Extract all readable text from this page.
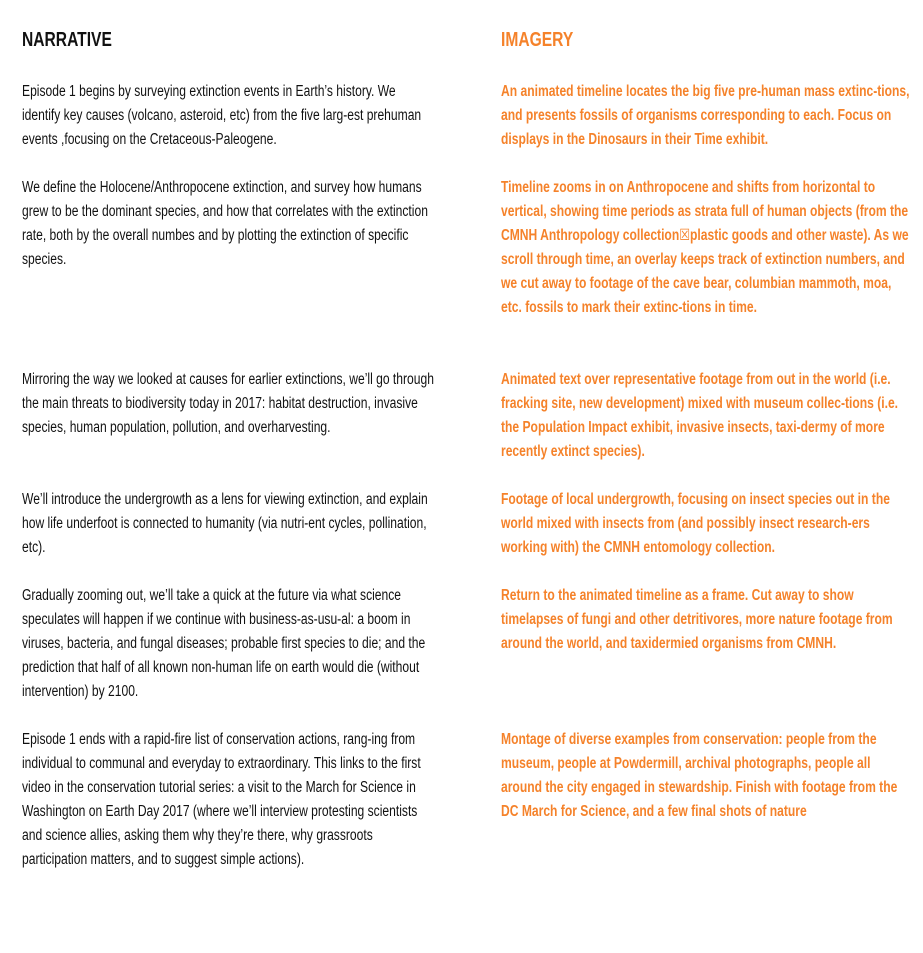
NARRATIVE

Episode 1 begins by surveying extinction events in Earth’s history. We identify key causes (volcano, asteroid, etc) from the five larg-est prehuman events ,focusing on the Cretaceous-Paleogene.

We define the Holocene/Anthropocene extinction, and survey how humans grew to be the dominant species, and how that correlates with the extinction rate, both by the overall numbes and by plotting the extinction of specific species.

Mirroring the way we looked at causes for earlier extinctions, we’ll go through the main threats to biodiversity today in 2017: habitat destruction, invasive species, human population, pollution, and overharvesting.

We’ll introduce the undergrowth as a lens for viewing extinction, and explain how life underfoot is connected to humanity (via nutri-ent cycles, pollination, etc).

Gradually zooming out, we’ll take a quick at the future via what science speculates will happen if we continue with business-as-usu-al: a boom in viruses, bacteria, and fungal diseases; probable first species to die; and the prediction that half of all known non-human life on earth would die (without intervention) by 2100.

Episode 1 ends with a rapid-fire list of conservation actions, rang-ing from individual to communal and everyday to extraordinary. This links to the first video in the conservation tutorial series: a visit to the March for Science in Washington on Earth Day 2017 (where we’ll interview protesting scientists and science allies, asking them why they’re there, why grassroots participation matters, and to suggest simple actions).

IMAGERY

An animated timeline locates the big five pre-human mass extinc-tions, and presents fossils of organisms corresponding to each. Focus on displays in the Dinosaurs in their Time exhibit.

Timeline zooms in on Anthropocene and shifts from horizontal to vertical, showing time periods as strata full of human objects (from the CMNH Anthropology collection☒plastic goods and other waste). As we scroll through time, an overlay keeps track of extinction numbers, and we cut away to footage of the cave bear, columbian mammoth, moa, etc. fossils to mark their extinc-tions in time.

Animated text over representative footage from out in the world (i.e. fracking site, new development) mixed with museum collec-tions (i.e. the Population Impact exhibit, invasive insects, taxi-dermy of more recently extinct species).

Footage of local undergrowth, focusing on insect species out in the world mixed with insects from (and possibly insect research-ers working with) the CMNH entomology collection.

Return to the animated timeline as a frame. Cut away to show timelapses of fungi and other detritivores, more nature footage from around the world, and taxidermied organisms from CMNH.

Montage of diverse examples from conservation: people from the museum, people at Powdermill, archival photographs, people all around the city engaged in stewardship. Finish with footage from the DC March for Science, and a few final shots of nature
